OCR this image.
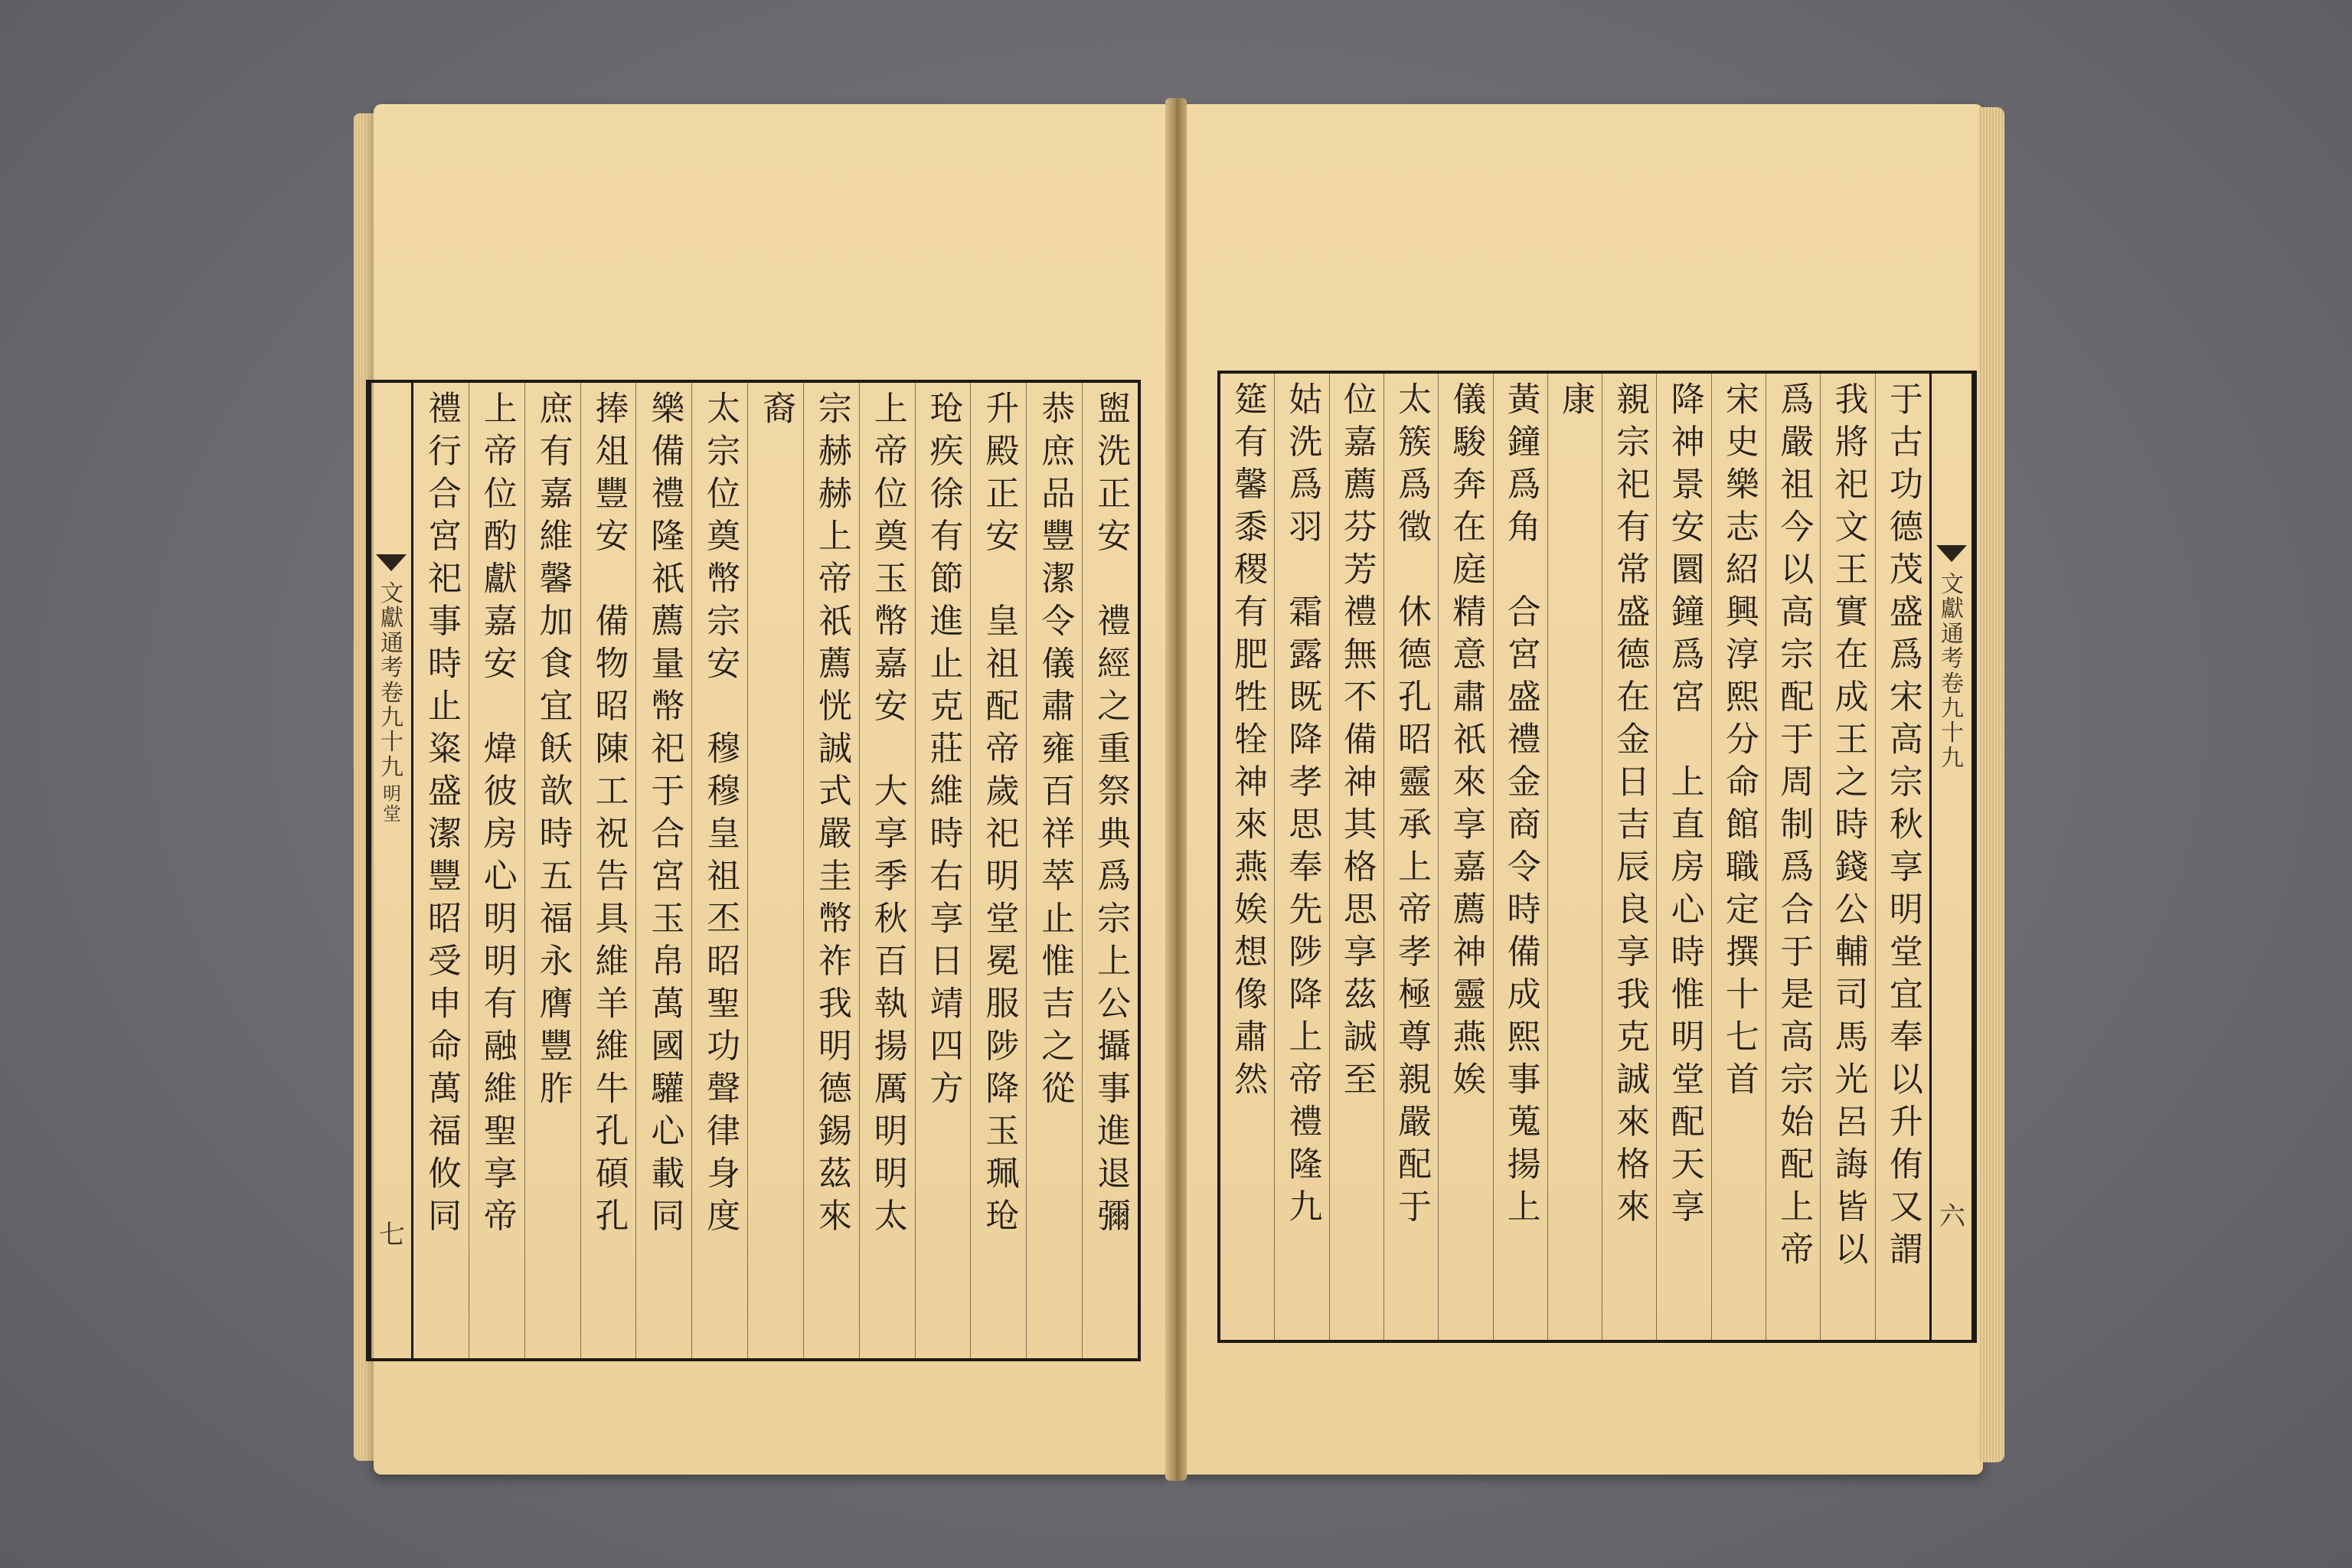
文獻通考卷九十九
明堂
七	盥洗正安　禮經之重祭典爲宗上公攝事進退彌
恭庶品豐潔令儀肅雍百祥萃止惟吉之從
升殿正安　皇祖配帝歲祀明堂冕服陟降玉珮玱
玱疾徐有節進止克莊維時右享日靖四方
上帝位奠玉幣嘉安　大享季秋百執揚厲明明太
宗赫赫上帝祇薦恍誠式嚴圭幣祚我明德錫茲來
裔
太宗位奠幣宗安　穆穆皇祖丕昭聖功聲律身度
樂備禮隆祇薦量幣祀于合宮玉帛萬國驩心載同
捧俎豐安　備物昭陳工祝告具維羊維牛孔碩孔
庶有嘉維馨加食宜飫歆時五福永膺豐胙
上帝位酌獻嘉安　煒彼房心明明有融維聖享帝
禮行合宮祀事時止粢盛潔豐昭受申命萬福攸同	文獻通考卷九十九
六
于古功德茂盛爲宋高宗秋享明堂宜奉以升侑又謂
我將祀文王實在成王之時錢公輔司馬光呂誨皆以
爲嚴祖今以高宗配于周制爲合于是高宗始配上帝
宋史樂志紹興淳熙分命館職定撰十七首
降神景安圜鐘爲宮　上直房心時惟明堂配天享
親宗祀有常盛德在金日吉辰良享我克誠來格來
康
黃鐘爲角　合宮盛禮金商令時備成熙事蒐揚上
儀駿奔在庭精意肅祇來享嘉薦神靈燕娭
太簇爲徵　休德孔昭靈承上帝孝極尊親嚴配于
位嘉薦芬芳禮無不備神其格思享茲誠至
姑洗爲羽　霜露既降孝思奉先陟降上帝禮隆九
筵有馨黍稷有肥牲牷神來燕娭想像肅然
